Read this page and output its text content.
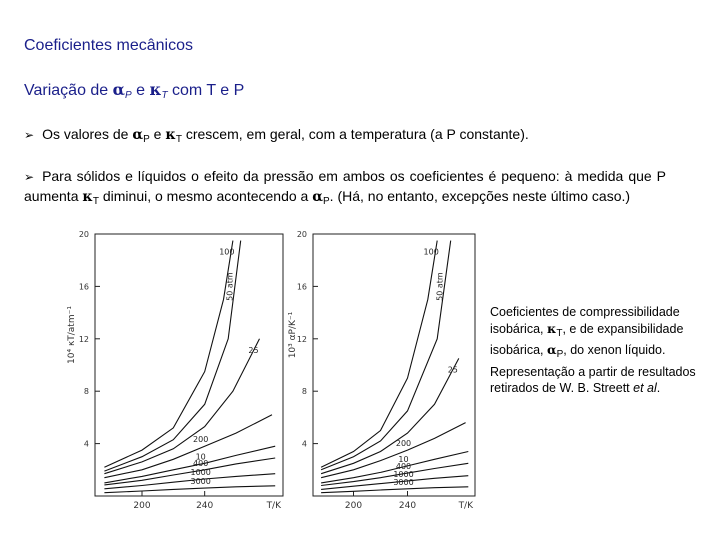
Coeficientes mecânicos
Variação de αP e κT com T e P
➢ Os valores de $\alpha_P$ e $\kappa_T$ crescem, em geral, com a temperatura (a P constante).
➢ Para sólidos e líquidos o efeito da pressão em ambos os coeficientes é pequeno: à medida que P aumenta $\kappa_T$ diminui, o mesmo acontecendo a $\alpha_P$. (Há, no entanto, excepções neste último caso.)
4
8
12
16
20
200	240	T/K
10⁴ κT/atm⁻¹
100
50 atm
25
200
10
400
1000
3000
4
8
12
16
20
200	240	T/K
10³ αP/K⁻¹
100
50 atm
25
200
10
400
1000
3000
Coeficientes de compressibilidade isobárica, $\kappa_T$, e de expansibilidade isobárica, $\alpha_P$, do xenon líquido. Representação a partir de resultados retirados de W. B. Streett et al.
